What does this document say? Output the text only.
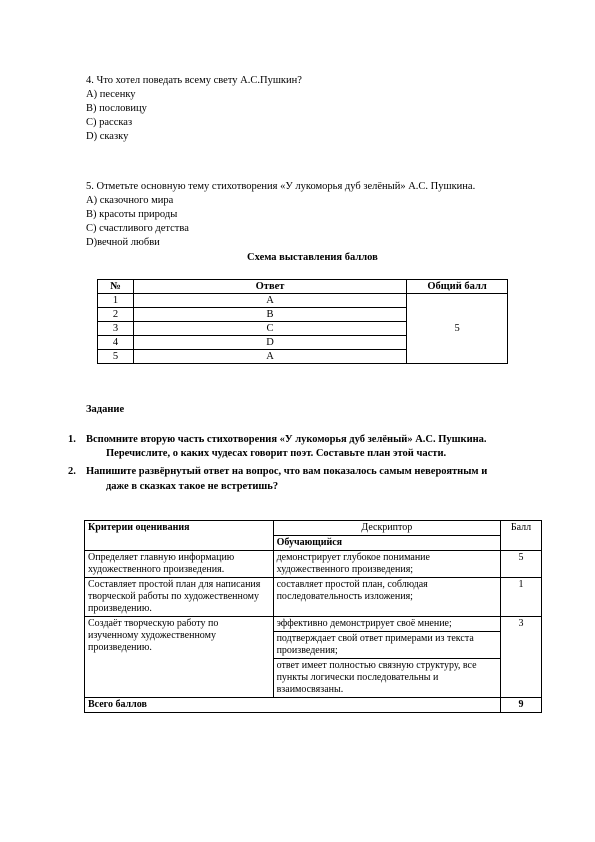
4. Что хотел поведать всему свету А.С.Пушкин?
A) песенку
B) пословицу
C) рассказ
D) сказку
5. Отметьте основную тему стихотворения «У лукоморья дуб зелёный» А.С. Пушкина.
A) сказочного мира
B) красоты природы
C) счастливого детства
D)вечной любви
Схема выставления баллов
№	Ответ	Общий балл
1	A	5
2	B	
3	C	
4	D	
5	A	
Задание
1. Вспомните вторую часть стихотворения «У лукоморья дуб зелёный» А.С. Пушкина.
Перечислите, о каких чудесах говорит поэт. Составьте план этой части.
2. Напишите развёрнутый ответ на вопрос, что вам показалось самым невероятным и
даже в сказках такое не встретишь?
Критерии оценивания	Дескриптор	Балл
	Обучающийся	
Определяет главную информацию художественного произведения.	демонстрирует глубокое понимание художественного произведения;	5
Составляет простой план для написания творческой работы по художественному произведению.	составляет простой план, соблюдая последовательность изложения;	1
Создаёт творческую работу по изученному художественному произведению.	эффективно демонстрирует своё мнение;	3
	подтверждает свой ответ примерами из текста произведения;	
	ответ имеет полностью связную структуру, все пункты логически последовательны и взаимосвязаны.	
Всего баллов		9
